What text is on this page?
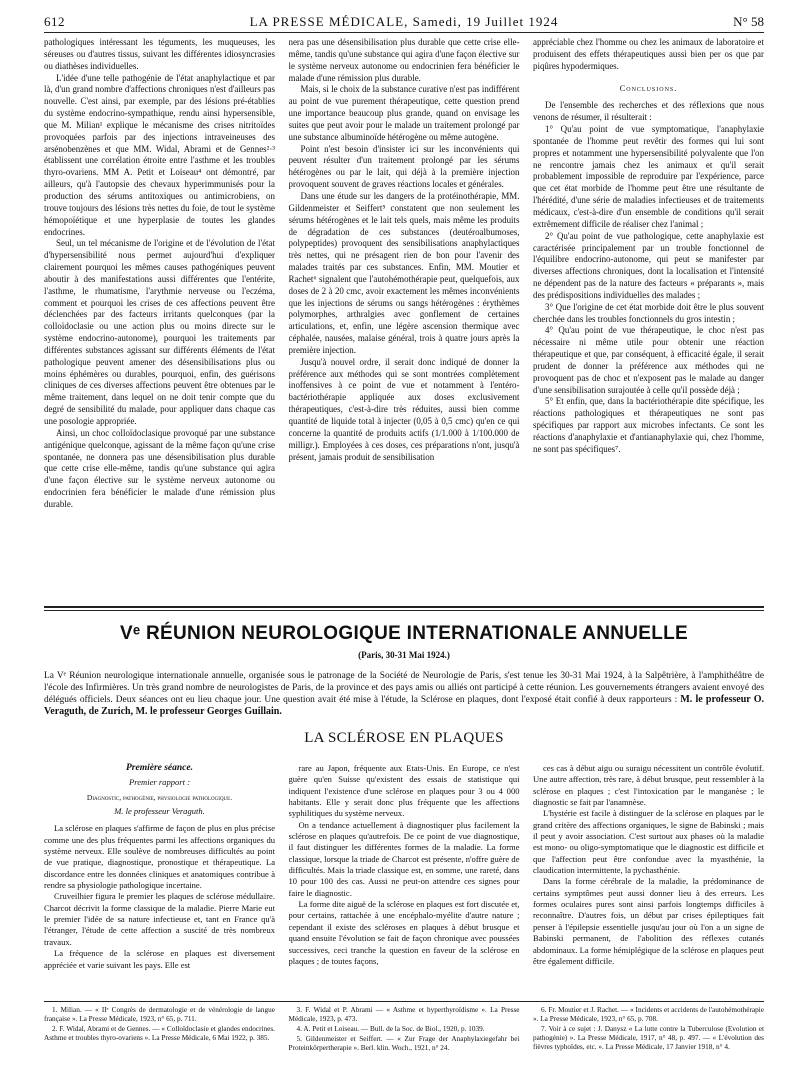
612	LA PRESSE MÉDICALE, Samedi, 19 Juillet 1924	N° 58

pathologiques intéressant les téguments, les muqueuses, les séreuses ou d'autres tissus, suivant les différentes idiosyncrasies ou diathèses individuelles.

L'idée d'une telle pathogénie de l'état anaphylactique et par là, d'un grand nombre d'affections chroniques n'est d'ailleurs pas nouvelle. C'est ainsi, par exemple, par des lésions pré-établies du système endocrino-sympathique, rendu ainsi hypersensible, que M. Milian¹ explique le mécanisme des crises nitritoïdes provoquées parfois par des injections intraveineuses des arsénobenzènes et que MM. Widal, Abrami et de Gennes²·³ établissent une corrélation étroite entre l'asthme et les troubles thyro-ovariens. MM A. Petit et Loiseau⁴ ont démontré, par ailleurs, qu'à l'autopsie des chevaux hyperimmunisés pour la production des sérums antitoxiques ou antimicrobiens, on trouve toujours des lésions très nettes du foie, de tout le système hémopoïétique et une hyperplasie de toutes les glandes endocrines.

Seul, un tel mécanisme de l'origine et de l'évolution de l'état d'hypersensibilité nous permet aujourd'hui d'expliquer clairement pourquoi les mêmes causes pathogéniques peuvent aboutir à des manifestations aussi différentes que l'entérite, l'asthme, le rhumatisme, l'arythmie nerveuse ou l'eczéma, comment et pourquoi les crises de ces affections peuvent être déclenchées par des facteurs irritants quelconques (par la colloïdoclasie ou une action plus ou moins directe sur le système endocrino-autonome), pourquoi les traitements par différentes substances agissant sur différents éléments de l'état pathologique peuvent amener des désensibilisations plus ou moins éphémères ou durables, pourquoi, enfin, des guérisons cliniques de ces diverses affections peuvent être obtenues par le même traitement, dans lequel on ne doit tenir compte que du degré de sensibilité du malade, pour appliquer dans chaque cas une posologie appropriée.

Ainsi, un choc colloïdoclasique provoqué par une substance antigénique quelconque, agissant de la même façon qu'une crise spontanée, ne donnera pas une désensibilisation plus durable que cette crise elle-même, tandis qu'une substance qui agira d'une façon élective sur le système nerveux autonome ou endocrinien fera bénéficier le malade d'une rémission plus durable.

nera pas une désensibilisation plus durable que cette crise elle-même, tandis qu'une substance qui agira d'une façon élective sur le système nerveux autonome ou endocrinien fera bénéficier le malade d'une rémission plus durable.

Mais, si le choix de la substance curative n'est pas indifférent au point de vue purement thérapeutique, cette question prend une importance beaucoup plus grande, quand on envisage les suites que peut avoir pour le malade un traitement prolongé par une substance albuminoïde hétérogène ou même autogène.

Point n'est besoin d'insister ici sur les inconvénients qui peuvent résulter d'un traitement prolongé par les sérums hétérogènes ou par le lait, qui déjà à la première injection provoquent souvent de graves réactions locales et générales.

Dans une étude sur les dangers de la protéinothérapie, MM. Gildenmeister et Seiffert⁵ constatent que non seulement les sérums hétérogènes et le lait tels quels, mais même les produits de dégradation de ces substances (deutéroalbumoses, polypeptides) provoquent des sensibilisations anaphylactiques très nettes, qui ne présagent rien de bon pour l'avenir des malades traités par ces substances. Enfin, MM. Moutier et Rachet⁶ signalent que l'autohémothérapie peut, quelquefois, aux doses de 2 à 20 cmc, avoir exactement les mêmes inconvénients que les injections de sérums ou sangs hétérogènes : érythèmes polymorphes, arthralgies avec gonflement de certaines articulations, et, enfin, une légère ascension thermique avec céphalée, nausées, malaise général, trois à quatre jours après la première injection.

Jusqu'à nouvel ordre, il serait donc indiqué de donner la préférence aux méthodes qui se sont montrées complètement inoffensives à ce point de vue et notamment à l'entéro-bactériothérapie appliquée aux doses exclusivement thérapeutiques, c'est-à-dire très réduites, aussi bien comme quantité de liquide total à injecter (0,05 à 0,5 cmc) qu'en ce qui concerne la quantité de produits actifs (1/1.000 à 1/100.000 de milligr.). Employées à ces doses, ces préparations n'ont, jusqu'à présent, jamais produit de sensibilisation

appréciable chez l'homme ou chez les animaux de laboratoire et produisent des effets thérapeutiques aussi bien per os que par piqûres hypodermiques.

Conclusions.

De l'ensemble des recherches et des réflexions que nous venons de résumer, il résulterait :

1° Qu'au point de vue symptomatique, l'anaphylaxie spontanée de l'homme peut revêtir des formes qui lui sont propres et notamment une hypersensibilité polyvalente que l'on ne rencontre jamais chez les animaux et qu'il serait probablement impossible de reproduire par l'expérience, parce que cet état morbide de l'homme peut être une résultante de l'hérédité, d'une série de maladies infectieuses et de traitements médicaux, c'est-à-dire d'un ensemble de conditions qu'il serait extrêmement difficile de réaliser chez l'animal ;

2° Qu'au point de vue pathologique, cette anaphylaxie est caractérisée principalement par un trouble fonctionnel de l'équilibre endocrino-autonome, qui peut se manifester par diverses affections chroniques, dont la localisation et l'intensité ne dépendent pas de la nature des facteurs « préparants », mais des prédispositions individuelles des malades ;

3° Que l'origine de cet état morbide doit être le plus souvent cherchée dans les troubles fonctionnels du gros intestin ;

4° Qu'au point de vue thérapeutique, le choc n'est pas nécessaire ni même utile pour obtenir une réaction thérapeutique et que, par conséquent, à efficacité égale, il serait prudent de donner la préférence aux méthodes qui ne provoquent pas de choc et n'exposent pas le malade au danger d'une sensibilisation surajoutée à celle qu'il possède déjà ;

5° Et enfin, que, dans la bactériothérapie dite spécifique, les réactions pathologiques et thérapeutiques ne sont pas spécifiques par rapport aux microbes infectants. Ce sont les réactions d'anaphylaxie et d'antianaphylaxie qui, chez l'homme, ne sont pas spécifiques⁷.

Vᵉ RÉUNION NEUROLOGIQUE INTERNATIONALE ANNUELLE
(Paris, 30-31 Mai 1924.)
La Vᵉ Réunion neurologique internationale annuelle, organisée sous le patronage de la Société de Neurologie de Paris, s'est tenue les 30-31 Mai 1924, à la Salpêtrière, à l'amphithéâtre de l'école des Infirmières. Un très grand nombre de neurologistes de Paris, de la province et des pays amis ou alliés ont participé à cette réunion. Les gouvernements étrangers avaient envoyé des délégués officiels. Deux séances ont eu lieu chaque jour. Une question avait été mise à l'étude, la Sclérose en plaques, dont l'exposé était confié à deux rapporteurs : M. le professeur O. Veraguth, de Zurich, M. le professeur Georges Guillain.
LA SCLÉROSE EN PLAQUES
Première séance.
Premier rapport :
Diagnostic, pathogénie, physiologie pathologique.
M. le professeur Veraguth.

La sclérose en plaques s'affirme de façon de plus en plus précise comme une des plus fréquentes parmi les affections organiques du système nerveux. Elle soulève de nombreuses difficultés au point de vue pratique, diagnostique, pronostique et thérapeutique. La discordance entre les données cliniques et anatomiques contribue à rendre sa physiologie pathologique incertaine.

Cruveilhier figura le premier les plaques de sclérose médullaire. Charcot décrivit la forme classique de la maladie. Pierre Marie eut le premier l'idée de sa nature infectieuse et, tant en France qu'à l'étranger, l'étude de cette affection a suscité de très nombreux travaux.

La fréquence de la sclérose en plaques est diversement appréciée et varie suivant les pays. Elle est

rare au Japon, fréquente aux Etats-Unis. En Europe, ce n'est guère qu'en Suisse qu'existent des essais de statistique qui indiquent l'existence d'une sclérose en plaques pour 3 ou 4 000 habitants. Elle y serait donc plus fréquente que les affections syphilitiques du système nerveux.

On a tendance actuellement à diagnostiquer plus facilement la sclérose en plaques qu'autrefois. De ce point de vue diagnostique, il faut distinguer les différentes formes de la maladie. La forme classique, lorsque la triade de Charcot est présente, n'offre guère de difficultés. Mais la triade classique est, en somme, une rareté, dans 10 pour 100 des cas. Aussi ne peut-on attendre ces signes pour faire le diagnostic.

La forme dite aiguë de la sclérose en plaques est fort discutée et, pour certains, rattachée à une encéphalo-myélite d'autre nature ; cependant il existe des scléroses en plaques à début brusque et quand ensuite l'évolution se fait de façon chronique avec poussées successives, ceci tranche la question en faveur de la sclérose en plaques ; de toutes façons,

ces cas à début aigu ou suraigu nécessitent un contrôle évolutif. Une autre affection, très rare, à début brusque, peut ressembler à la sclérose en plaques ; c'est l'intoxication par le manganèse ; le diagnostic se fait par l'anamnèse.

L'hystérie est facile à distinguer de la sclérose en plaques par le grand critère des affections organiques, le signe de Babinski ; mais il peut y avoir association. C'est surtout aux phases où la maladie est mono- ou oligo-symptomatique que le diagnostic est difficile et que l'affection peut être confondue avec la myasthénie, la claudication intermittente, la pychasthénie.

Dans la forme cérébrale de la maladie, la prédominance de certains symptômes peut aussi donner lieu à des erreurs. Les formes oculaires pures sont ainsi parfois longtemps difficiles à reconnaître. D'autres fois, un début par crises épileptiques fait penser à l'épilepsie essentielle jusqu'au jour où l'on a un signe de Babinski permanent, de l'abolition des réflexes cutanés abdominaux. La forme hémiplégique de la sclérose en plaques peut être également difficile.

1. Milian. — « IIᵉ Congrès de dermatologie et de vénérologie de langue française ». La Presse Médicale, 1923, n° 65, p. 711.
2. F. Widal, Abrami et de Gennes. — « Colloïdoclasie et glandes endocrines. Asthme et troubles thyro-ovariens ». La Presse Médicale, 6 Mai 1922, p. 385.
3. F. Widal et P. Abrami — « Asthme et hyperthyroïdisme ». La Presse Médicale, 1923, p. 473.
4. A. Petit et Loiseau. — Bull. de la Soc. de Biol., 1920, p. 1039.
5. Gildenmeister et Seiffert. — « Zur Frage der Anaphylaxiegefahr bei Proteinkörpertherapie ». Berl. klin. Woch., 1921, n° 24.
6. Fr. Moutier et J. Rachet. — « Incidents et accidents de l'autohémothérapie ». La Presse Médicale, 1923, n° 65, p. 708.
7. Voir à ce sujet : J. Danysz « La lutte contre la Tuberculose (Evolution et pathogénie) ». La Presse Médicale, 1917, n° 48, p. 497. — « L'évolution des fièvres typhoïdes, etc. ». La Presse Médicale, 17 Janvier 1918, n° 4.
